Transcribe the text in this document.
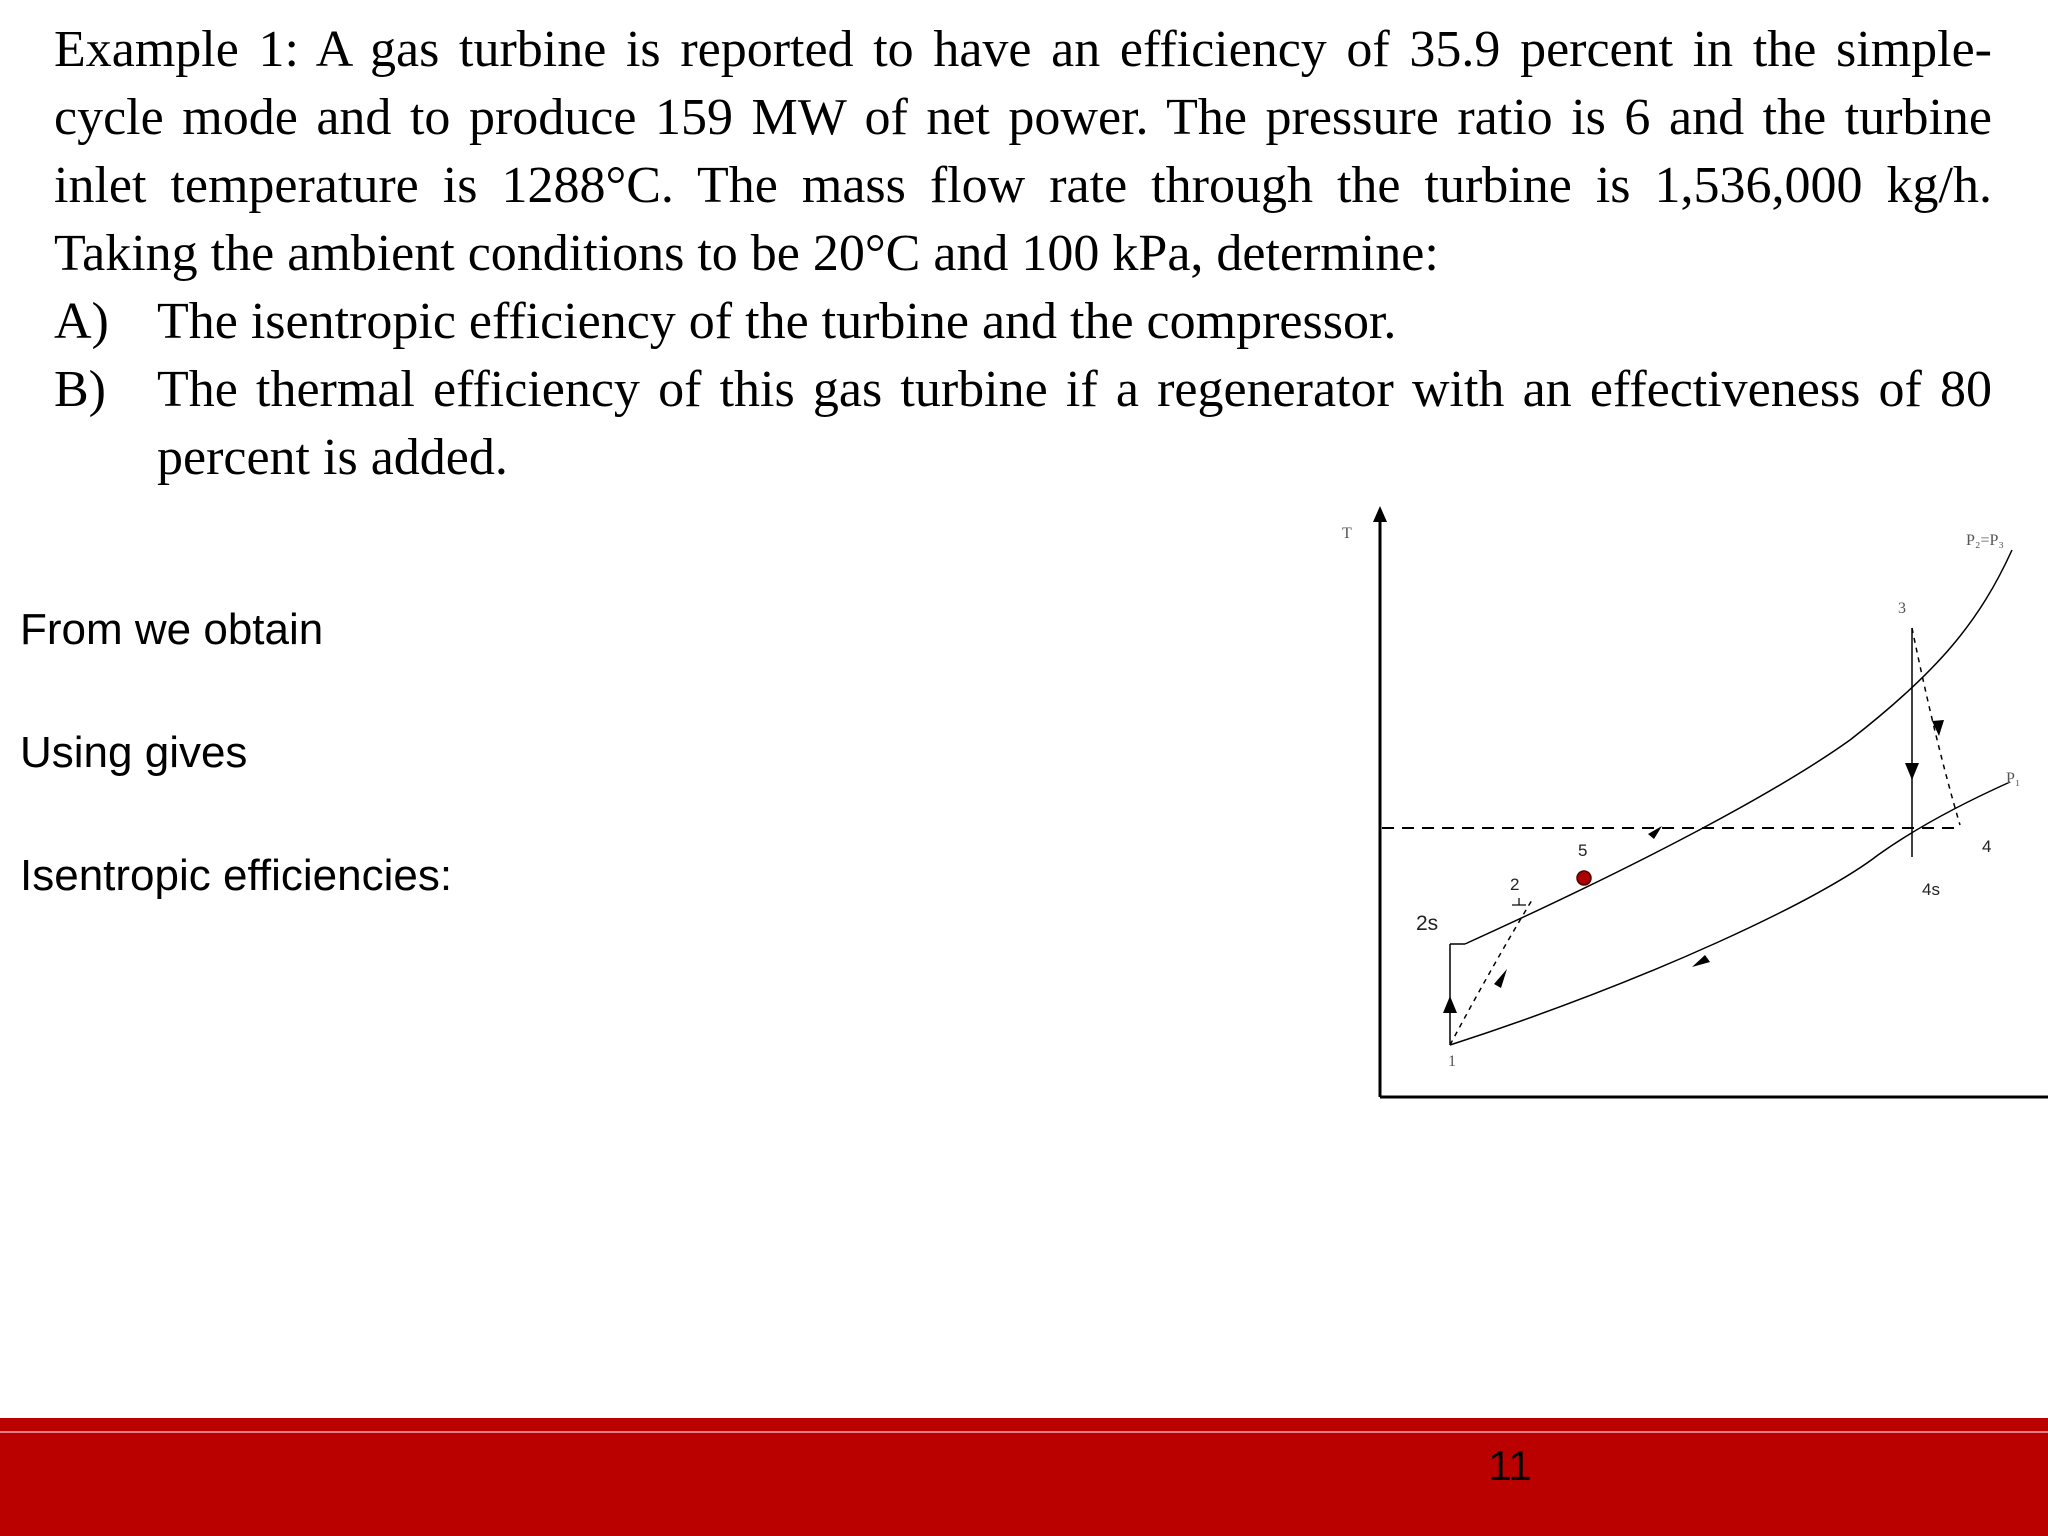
Example 1: A gas turbine is reported to have an efficiency of 35.9 percent in the simple-cycle mode and to produce 159 MW of net power. The pressure ratio is 6 and the turbine inlet temperature is 1288°C. The mass flow rate through the turbine is 1,536,000 kg/h. Taking the ambient conditions to be 20°C and 100 kPa, determine:

A) The isentropic efficiency of the turbine and the compressor.
B) The thermal efficiency of this gas turbine if a regenerator with an effectiveness of 80 percent is added.
From we obtain
Using gives
Isentropic efficiencies:
T	P₂=P₃
P₁
1
2
2s
3
4
4s
5
11
